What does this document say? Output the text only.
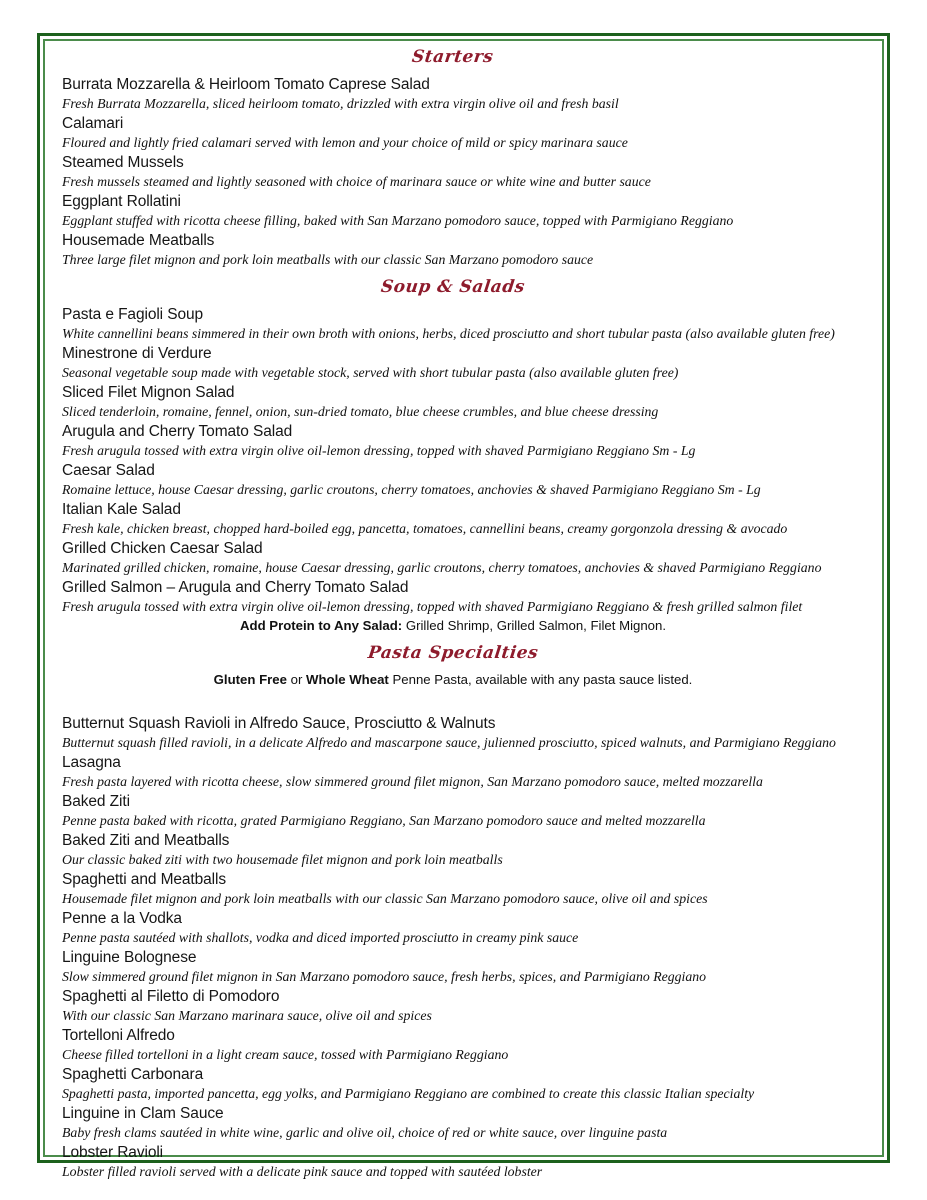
Starters
Burrata Mozzarella & Heirloom Tomato Caprese Salad
Fresh Burrata Mozzarella, sliced heirloom tomato, drizzled with extra virgin olive oil and fresh basil
Calamari
Floured and lightly fried calamari served with lemon and your choice of mild or spicy marinara sauce
Steamed Mussels
Fresh mussels steamed and lightly seasoned with choice of marinara sauce or white wine and butter sauce
Eggplant Rollatini
Eggplant stuffed with ricotta cheese filling, baked with San Marzano pomodoro sauce, topped with Parmigiano Reggiano
Housemade Meatballs
Three large filet mignon and pork loin meatballs with our classic San Marzano pomodoro sauce
Soup & Salads
Pasta e Fagioli Soup
White cannellini beans simmered in their own broth with onions, herbs, diced prosciutto and short tubular pasta (also available gluten free)
Minestrone di Verdure
Seasonal vegetable soup made with vegetable stock, served with short tubular pasta (also available gluten free)
Sliced Filet Mignon Salad
Sliced tenderloin, romaine, fennel, onion, sun-dried tomato, blue cheese crumbles, and blue cheese dressing
Arugula and Cherry Tomato Salad
Fresh arugula tossed with extra virgin olive oil-lemon dressing, topped with shaved Parmigiano Reggiano Sm - Lg
Caesar Salad
Romaine lettuce, house Caesar dressing, garlic croutons, cherry tomatoes, anchovies & shaved Parmigiano Reggiano Sm - Lg
Italian Kale Salad
Fresh kale, chicken breast, chopped hard-boiled egg, pancetta, tomatoes, cannellini beans, creamy gorgonzola dressing & avocado
Grilled Chicken Caesar Salad
Marinated grilled chicken, romaine, house Caesar dressing, garlic croutons, cherry tomatoes, anchovies & shaved Parmigiano Reggiano
Grilled Salmon – Arugula and Cherry Tomato Salad
Fresh arugula tossed with extra virgin olive oil-lemon dressing, topped with shaved Parmigiano Reggiano & fresh grilled salmon filet

Add Protein to Any Salad: Grilled Shrimp, Grilled Salmon, Filet Mignon.

Pasta Specialties

Gluten Free or Whole Wheat Penne Pasta, available with any pasta sauce listed.

Butternut Squash Ravioli in Alfredo Sauce, Prosciutto & Walnuts
Butternut squash filled ravioli, in a delicate Alfredo and mascarpone sauce, julienned prosciutto, spiced walnuts, and Parmigiano Reggiano
Lasagna
Fresh pasta layered with ricotta cheese, slow simmered ground filet mignon, San Marzano pomodoro sauce, melted mozzarella
Baked Ziti
Penne pasta baked with ricotta, grated Parmigiano Reggiano, San Marzano pomodoro sauce and melted mozzarella
Baked Ziti and Meatballs
Our classic baked ziti with two housemade filet mignon and pork loin meatballs
Spaghetti and Meatballs
Housemade filet mignon and pork loin meatballs with our classic San Marzano pomodoro sauce, olive oil and spices
Penne a la Vodka
Penne pasta sautéed with shallots, vodka and diced imported prosciutto in creamy pink sauce
Linguine Bolognese
Slow simmered ground filet mignon in San Marzano pomodoro sauce, fresh herbs, spices, and Parmigiano Reggiano
Spaghetti al Filetto di Pomodoro
With our classic San Marzano marinara sauce, olive oil and spices
Tortelloni Alfredo
Cheese filled tortelloni in a light cream sauce, tossed with Parmigiano Reggiano
Spaghetti Carbonara
Spaghetti pasta, imported pancetta, egg yolks, and Parmigiano Reggiano are combined to create this classic Italian specialty
Linguine in Clam Sauce
Baby fresh clams sautéed in white wine, garlic and olive oil, choice of red or white sauce, over linguine pasta
Lobster Ravioli
Lobster filled ravioli served with a delicate pink sauce and topped with sautéed lobster
